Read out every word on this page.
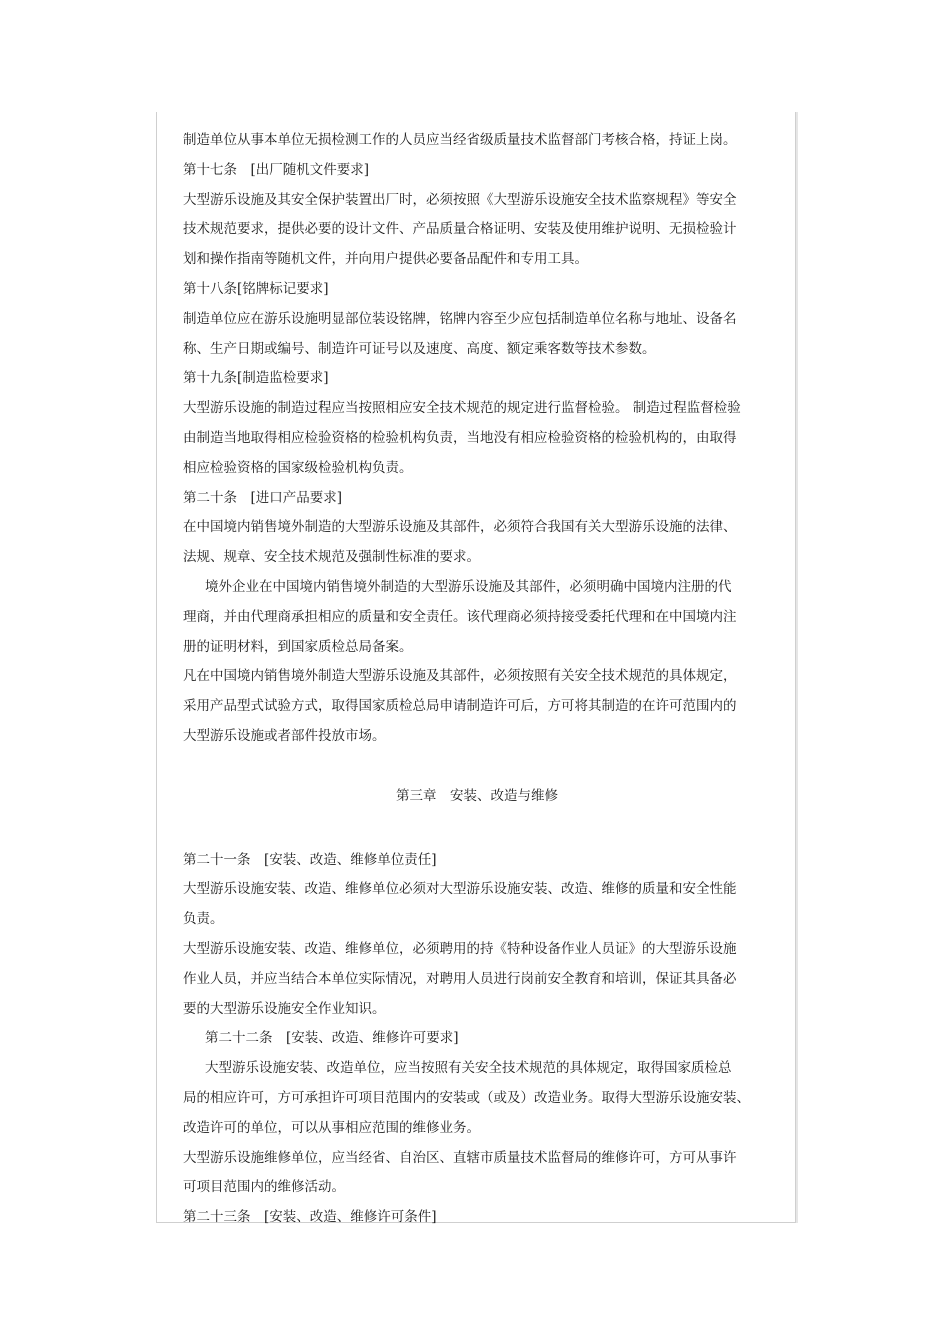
制造单位从事本单位无损检测工作的人员应当经省级质量技术监督部门考核合格，持证上岗。

第十七条　[出厂随机文件要求]

大型游乐设施及其安全保护装置出厂时，必须按照《大型游乐设施安全技术监察规程》等安全

技术规范要求，提供必要的设计文件、产品质量合格证明、安装及使用维护说明、无损检验计

划和操作指南等随机文件，并向用户提供必要备品配件和专用工具。

第十八条[铭牌标记要求]

制造单位应在游乐设施明显部位装设铭牌，铭牌内容至少应包括制造单位名称与地址、设备名

称、生产日期或编号、制造许可证号以及速度、高度、额定乘客数等技术参数。

第十九条[制造监检要求]

大型游乐设施的制造过程应当按照相应安全技术规范的规定进行监督检验。 制造过程监督检验

由制造当地取得相应检验资格的检验机构负责，当地没有相应检验资格的检验机构的，由取得

相应检验资格的国家级检验机构负责。

第二十条　[进口产品要求]

在中国境内销售境外制造的大型游乐设施及其部件，必须符合我国有关大型游乐设施的法律、

法规、规章、安全技术规范及强制性标准的要求。

境外企业在中国境内销售境外制造的大型游乐设施及其部件，必须明确中国境内注册的代

理商，并由代理商承担相应的质量和安全责任。该代理商必须持接受委托代理和在中国境内注

册的证明材料，到国家质检总局备案。

凡在中国境内销售境外制造大型游乐设施及其部件，必须按照有关安全技术规范的具体规定，

采用产品型式试验方式，取得国家质检总局申请制造许可后，方可将其制造的在许可范围内的

大型游乐设施或者部件投放市场。

第三章　安装、改造与维修

第二十一条　[安装、改造、维修单位责任]

大型游乐设施安装、改造、维修单位必须对大型游乐设施安装、改造、维修的质量和安全性能

负责。

大型游乐设施安装、改造、维修单位，必须聘用的持《特种设备作业人员证》的大型游乐设施

作业人员，并应当结合本单位实际情况，对聘用人员进行岗前安全教育和培训，保证其具备必

要的大型游乐设施安全作业知识。

第二十二条　[安装、改造、维修许可要求]

大型游乐设施安装、改造单位，应当按照有关安全技术规范的具体规定，取得国家质检总

局的相应许可，方可承担许可项目范围内的安装或（或及）改造业务。取得大型游乐设施安装、

改造许可的单位，可以从事相应范围的维修业务。

大型游乐设施维修单位，应当经省、自治区、直辖市质量技术监督局的维修许可，方可从事许

可项目范围内的维修活动。

第二十三条　[安装、改造、维修许可条件]
